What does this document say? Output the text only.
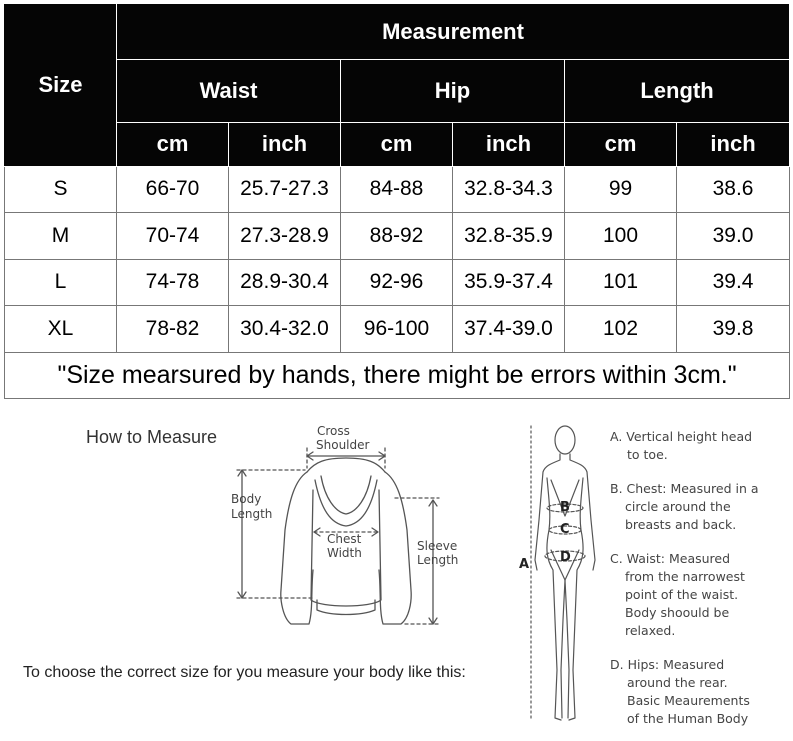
Size	Measurement					
	Waist		Hip		Length	
	cm	inch	cm	inch	cm	inch
S	66-70	25.7-27.3	84-88	32.8-34.3	99	38.6
M	70-74	27.3-28.9	88-92	32.8-35.9	100	39.0
L	74-78	28.9-30.4	92-96	35.9-37.4	101	39.4
XL	78-82	30.4-32.0	96-100	37.4-39.0	102	39.8
"Size mearsured by hands, there might be errors within 3cm."						
How to Measure	Cross
Shoulder
Body
Length
Chest
Width	Sleeve
Length	A
B
C
D
A. Vertical height head
to toe.
B. Chest: Measured in a
circle around the
breasts and back.
C. Waist: Measured
from the narrowest
point of the waist.
Body shoould be
relaxed.
D. Hips: Measured
around the rear.
Basic Meaurements
of the Human Body
To choose the correct size for you measure your body like this:
